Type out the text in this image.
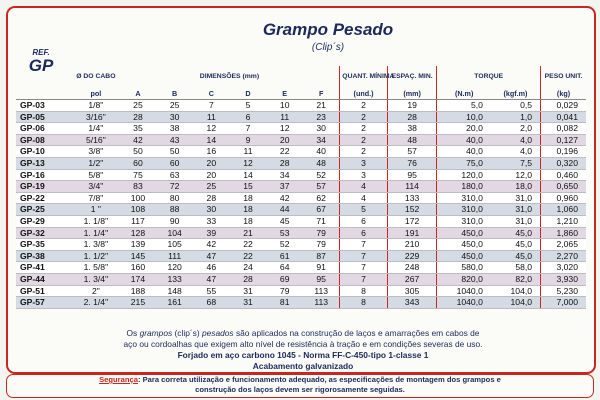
REF.
GP
Grampo Pesado
(Clip´s)
	Ø DO CABO	DIMENSÕES (mm)						QUANT. MÍNIMA	ESPAÇ. MIN.	TORQUE		PESO UNIT.
	pol	A	B	C	D	E	F	(und.)	(mm)	(N.m)	(kgf.m)	(kg)
GP-03	1/8"	25	25	7	5	10	21	2	19	5,0	0,5	0,029
GP-05	3/16"	28	30	11	6	11	23	2	28	10,0	1,0	0,041
GP-06	1/4"	35	38	12	7	12	30	2	38	20,0	2,0	0,082
GP-08	5/16"	42	43	14	9	20	34	2	48	40,0	4,0	0,127
GP-10	3/8"	50	50	16	11	22	40	2	57	40,0	4,0	0,196
GP-13	1/2"	60	60	20	12	28	48	3	76	75,0	7,5	0,320
GP-16	5/8"	75	63	20	14	34	52	3	95	120,0	12,0	0,460
GP-19	3/4"	83	72	25	15	37	57	4	114	180,0	18,0	0,650
GP-22	7/8"	100	80	28	18	42	62	4	133	310,0	31,0	0,960
GP-25	1 "	108	88	30	18	44	67	5	152	310,0	31,0	1,060
GP-29	1. 1/8"	117	90	33	18	45	71	6	172	310,0	31,0	1,210
GP-32	1. 1/4"	128	104	39	21	53	79	6	191	450,0	45,0	1,860
GP-35	1. 3/8"	139	105	42	22	52	79	7	210	450,0	45,0	2,065
GP-38	1. 1/2"	145	111	47	22	61	87	7	229	450,0	45,0	2,270
GP-41	1. 5/8"	160	120	46	24	64	91	7	248	580,0	58,0	3,020
GP-44	1. 3/4"	174	133	47	28	69	95	7	267	820,0	82,0	3,930
GP-51	2"	188	148	55	31	79	113	8	305	1040,0	104,0	5,230
GP-57	2. 1/4"	215	161	68	31	81	113	8	343	1040,0	104,0	7,000
Os grampos (clip´s) pesados são aplicados na construção de laços e amarrações em cabos de
aço ou cordoalhas que exigem alto nível de resistência à tração e em condições severas de uso.
Forjado em aço carbono 1045 - Norma FF-C-450-tipo 1-classe 1
Acabamento galvanizado
Segurança: Para correta utilização e funcionamento adequado, as especificações de montagem dos grampos e
construção dos laços devem ser rigorosamente seguidas.
